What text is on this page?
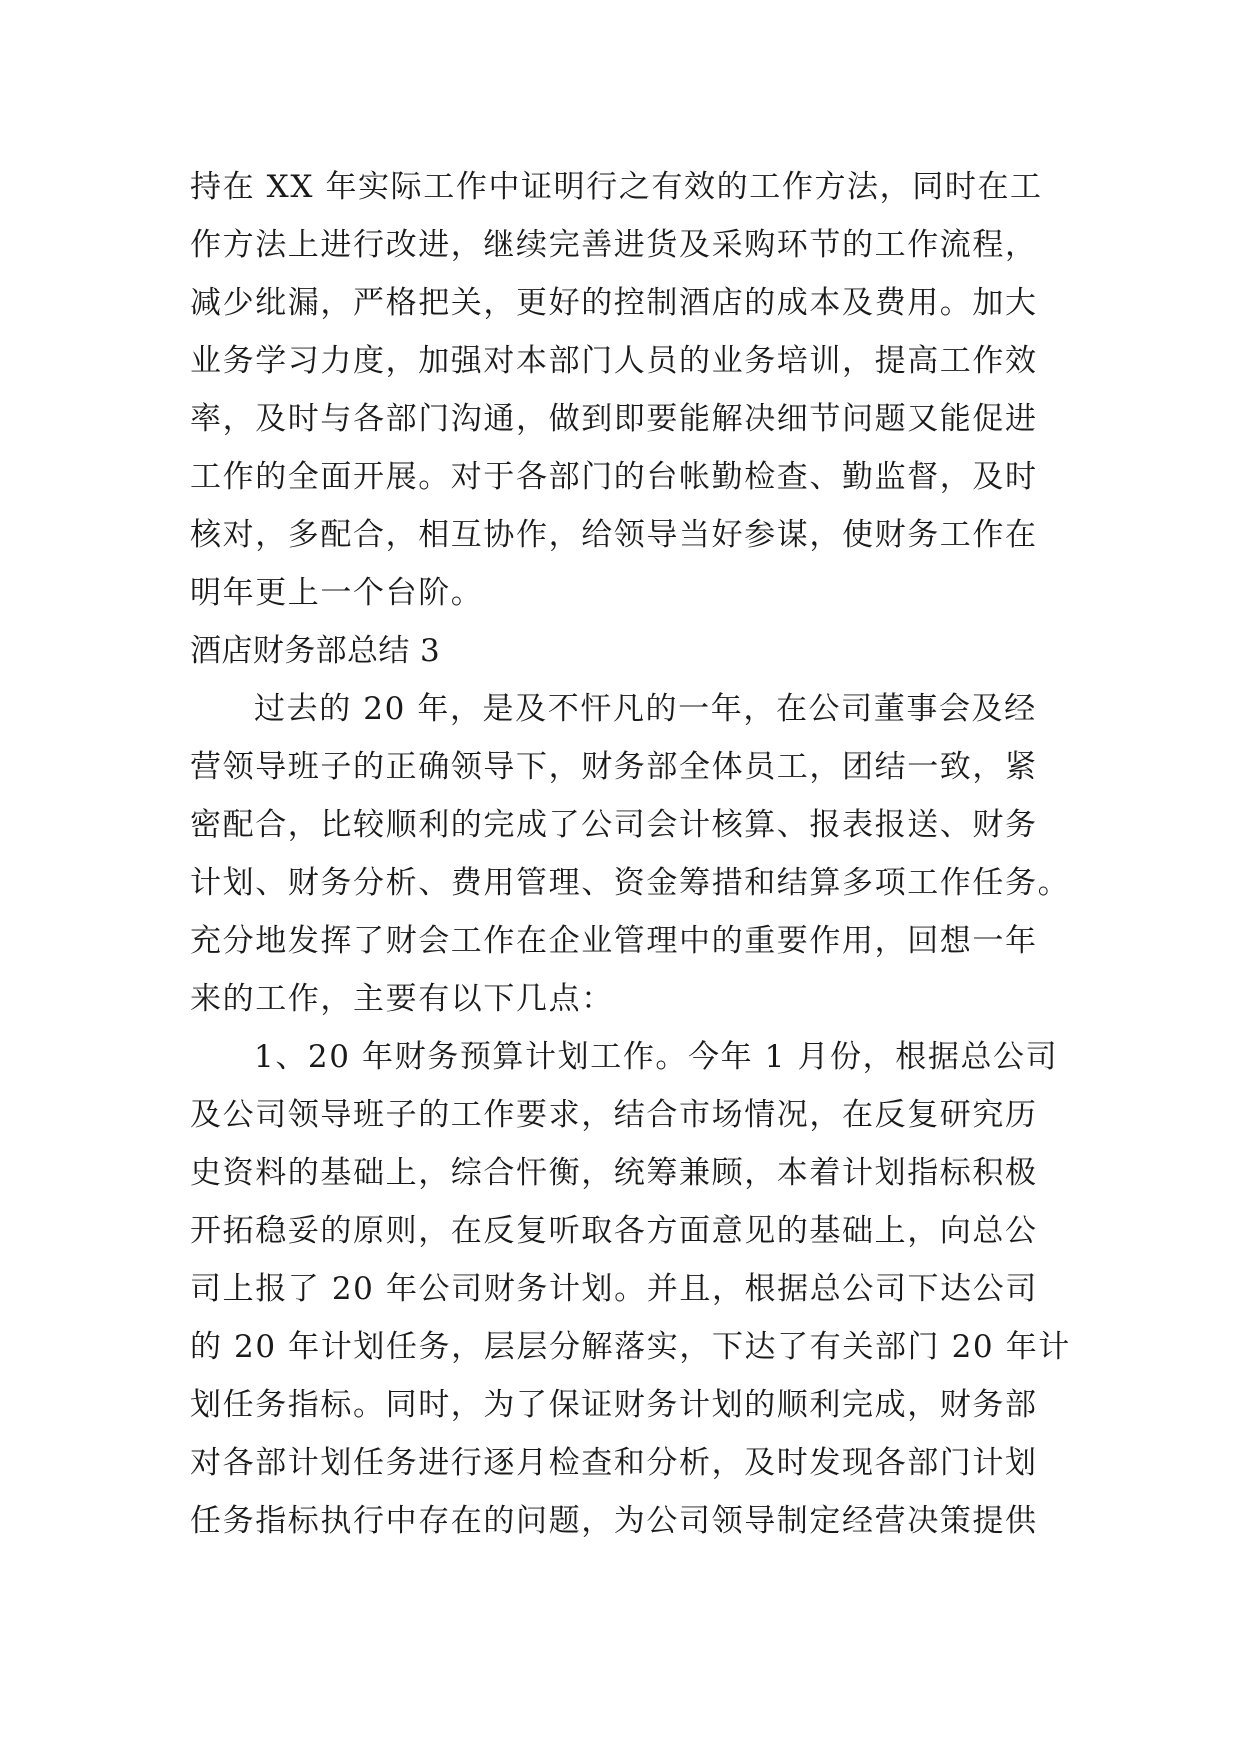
持在 XX 年实际工作中证明行之有效的工作方法，同时在工
作方法上进行改进，继续完善进货及采购环节的工作流程，
减少纰漏，严格把关，更好的控制酒店的成本及费用。加大
业务学习力度，加强对本部门人员的业务培训，提高工作效
率，及时与各部门沟通，做到即要能解决细节问题又能促进
工作的全面开展。对于各部门的台帐勤检查、勤监督，及时
核对，多配合，相互协作，给领导当好参谋，使财务工作在
明年更上一个台阶。
酒店财务部总结 3
过去的 20 年，是及不忓凡的一年，在公司董事会及经
营领导班子的正确领导下，财务部全体员工，团结一致，紧
密配合，比较顺利的完成了公司会计核算、报表报送、财务
计划、财务分析、费用管理、资金筹措和结算多项工作任务。
充分地发挥了财会工作在企业管理中的重要作用，回想一年
来的工作，主要有以下几点：
1、20 年财务预算计划工作。今年 1 月份，根据总公司
及公司领导班子的工作要求，结合市场情况，在反复研究历
史资料的基础上，综合忓衡，统筹兼顾，本着计划指标积极
开拓稳妥的原则，在反复听取各方面意见的基础上，向总公
司上报了 20 年公司财务计划。并且，根据总公司下达公司
的 20 年计划任务，层层分解落实，下达了有关部门 20 年计
划任务指标。同时，为了保证财务计划的顺利完成，财务部
对各部计划任务进行逐月检查和分析，及时发现各部门计划
任务指标执行中存在的问题，为公司领导制定经营决策提供
